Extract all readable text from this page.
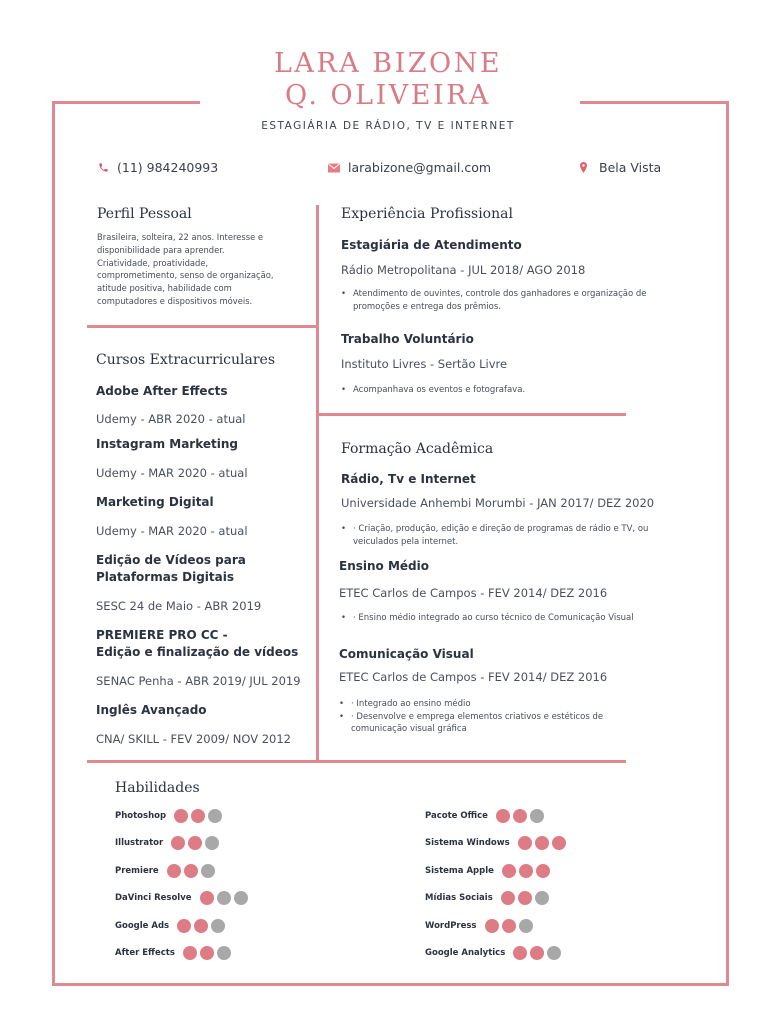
LARA BIZONE
Q. OLIVEIRA
ESTAGIÁRIA DE RÁDIO, TV E INTERNET
(11) 984240993	larabizone@gmail.com	Bela Vista
Perfil Pessoal
Brasileira, solteira, 22 anos. Interesse e
disponibilidade para aprender.
Criatividade, proatividade,
comprometimento, senso de organização,
atitude positiva, habilidade com
computadores e dispositivos móveis.
Cursos Extracurriculares
Adobe After Effects
Udemy - ABR 2020 - atual
Instagram Marketing
Udemy - MAR 2020 - atual
Marketing Digital
Udemy - MAR 2020 - atual
Edição de Vídeos para
Plataformas Digitais
SESC 24 de Maio - ABR 2019
PREMIERE PRO CC -
Edição e finalização de vídeos
SENAC Penha - ABR 2019/ JUL 2019
Inglês Avançado
CNA/ SKILL - FEV 2009/ NOV 2012
Experiência Profissional
Estagiária de Atendimento
Rádio Metropolitana - JUL 2018/ AGO 2018
• Atendimento de ouvintes, controle dos ganhadores e organização de promoções e entrega dos prêmios.
Trabalho Voluntário
Instituto Livres - Sertão Livre
• Acompanhava os eventos e fotografava.
Formação Acadêmica
Rádio, Tv e Internet
Universidade Anhembi Morumbi - JAN 2017/ DEZ 2020
• · Criação, produção, edição e direção de programas de rádio e TV, ou veiculados pela internet.
Ensino Médio
ETEC Carlos de Campos - FEV 2014/ DEZ 2016
• · Ensino médio integrado ao curso técnico de Comunicação Visual
Comunicação Visual
ETEC Carlos de Campos - FEV 2014/ DEZ 2016
• · Integrado ao ensino médio
• · Desenvolve e emprega elementos criativos e estéticos de comunicação visual gráfica
Habilidades
Photoshop
Illustrator
Premiere
DaVinci Resolve
Google Ads
After Effects
Pacote Office
Sistema Windows
Sistema Apple
Mídias Sociais
WordPress
Google Analytics
